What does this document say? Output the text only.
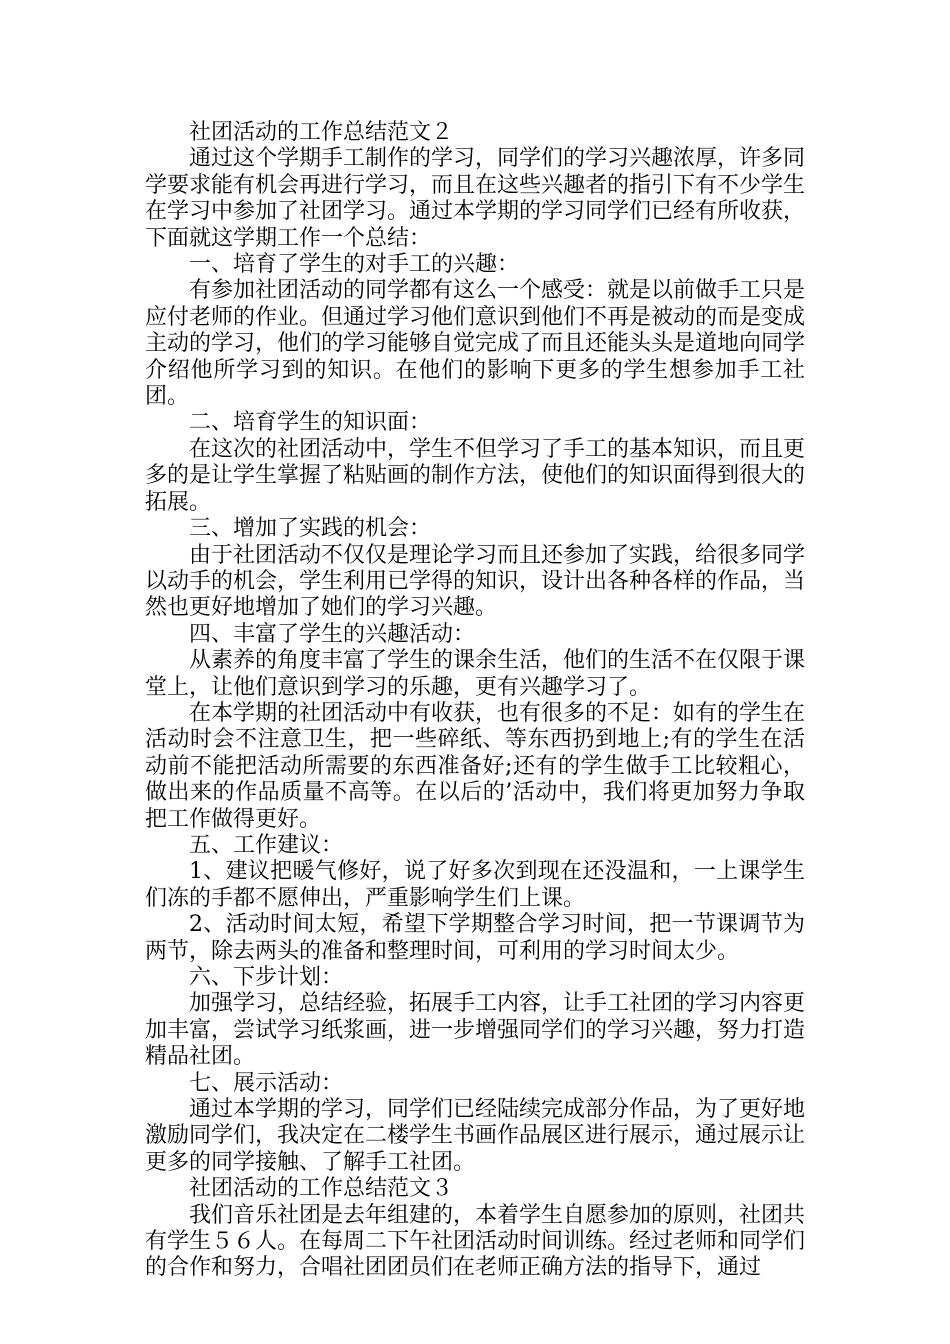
社团活动的工作总结范文２

通过这个学期手工制作的学习，同学们的学习兴趣浓厚，许多同学要求能有机会再进行学习，而且在这些兴趣者的指引下有不少学生在学习中参加了社团学习。通过本学期的学习同学们已经有所收获，下面就这学期工作一个总结：

一、培育了学生的对手工的兴趣：

有参加社团活动的同学都有这么一个感受：就是以前做手工只是应付老师的作业。但通过学习他们意识到他们不再是被动的而是变成主动的学习，他们的学习能够自觉完成了而且还能头头是道地向同学介绍他所学习到的知识。在他们的影响下更多的学生想参加手工社团。

二、培育学生的知识面：

在这次的社团活动中，学生不但学习了手工的基本知识，而且更多的是让学生掌握了粘贴画的制作方法，使他们的知识面得到很大的拓展。

三、增加了实践的机会：

由于社团活动不仅仅是理论学习而且还参加了实践，给很多同学以动手的机会，学生利用已学得的知识，设计出各种各样的作品，当然也更好地增加了她们的学习兴趣。

四、丰富了学生的兴趣活动：

从素养的角度丰富了学生的课余生活，他们的生活不在仅限于课堂上，让他们意识到学习的乐趣，更有兴趣学习了。

在本学期的社团活动中有收获，也有很多的不足：如有的学生在活动时会不注意卫生，把一些碎纸、等东西扔到地上;有的学生在活动前不能把活动所需要的东西准备好;还有的学生做手工比较粗心，做出来的作品质量不高等。在以后的’活动中，我们将更加努力争取把工作做得更好。

五、工作建议：

1、建议把暖气修好，说了好多次到现在还没温和，一上课学生们冻的手都不愿伸出，严重影响学生们上课。

2、活动时间太短，希望下学期整合学习时间，把一节课调节为两节，除去两头的准备和整理时间，可利用的学习时间太少。

六、下步计划：

加强学习，总结经验，拓展手工内容，让手工社团的学习内容更加丰富，尝试学习纸浆画，进一步增强同学们的学习兴趣，努力打造精品社团。

七、展示活动：

通过本学期的学习，同学们已经陆续完成部分作品，为了更好地激励同学们，我决定在二楼学生书画作品展区进行展示，通过展示让更多的同学接触、了解手工社团。

社团活动的工作总结范文３

我们音乐社团是去年组建的，本着学生自愿参加的原则，社团共有学生５６人。在每周二下午社团活动时间训练。经过老师和同学们的合作和努力，合唱社团团员们在老师正确方法的指导下，通过
